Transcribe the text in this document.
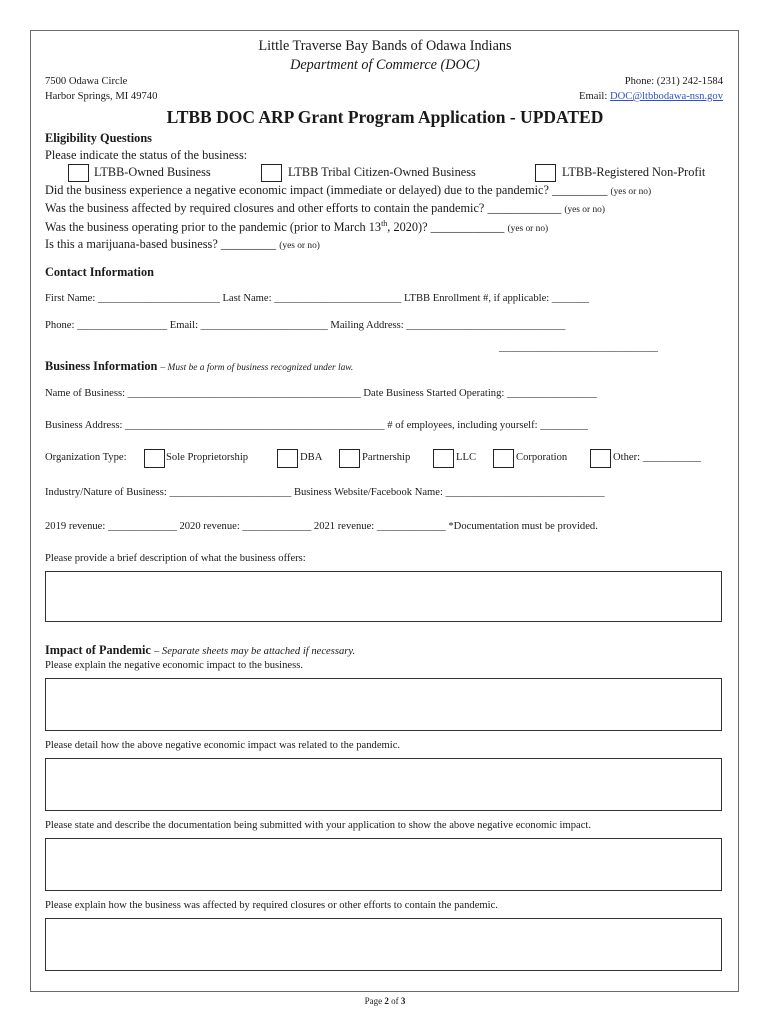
Little Traverse Bay Bands of Odawa Indians
Department of Commerce (DOC)
7500 Odawa Circle
Harbor Springs, MI 49740
Phone: (231) 242-1584
Email: DOC@ltbbodawa-nsn.gov
LTBB DOC ARP Grant Program Application - UPDATED
Eligibility Questions
Please indicate the status of the business:
LTBB-Owned Business	LTBB Tribal Citizen-Owned Business	LTBB-Registered Non-Profit
Did the business experience a negative economic impact (immediate or delayed) due to the pandemic? _________ (yes or no)
Was the business affected by required closures and other efforts to contain the pandemic? ____________ (yes or no)
Was the business operating prior to the pandemic (prior to March 13th, 2020)? ____________ (yes or no)
Is this a marijuana-based business? _________ (yes or no)
Contact Information
First Name: _______________________ Last Name: ________________________ LTBB Enrollment #, if applicable: _______
Phone: _________________ Email: ________________________ Mailing Address: ______________________________
______________________________
Business Information – Must be a form of business recognized under law.
Name of Business: ____________________________________________ Date Business Started Operating: _________________
Business Address: _________________________________________________ # of employees, including yourself: _________
Organization Type:	Sole Proprietorship	DBA	Partnership	LLC	Corporation	Other: ___________
Industry/Nature of Business: _______________________ Business Website/Facebook Name: ______________________________
2019 revenue: _____________ 2020 revenue: _____________ 2021 revenue: _____________ *Documentation must be provided.
Please provide a brief description of what the business offers:
Impact of Pandemic – Separate sheets may be attached if necessary.
Please explain the negative economic impact to the business.
Please detail how the above negative economic impact was related to the pandemic.
Please state and describe the documentation being submitted with your application to show the above negative economic impact.
Please explain how the business was affected by required closures or other efforts to contain the pandemic.
Page 2 of 3
